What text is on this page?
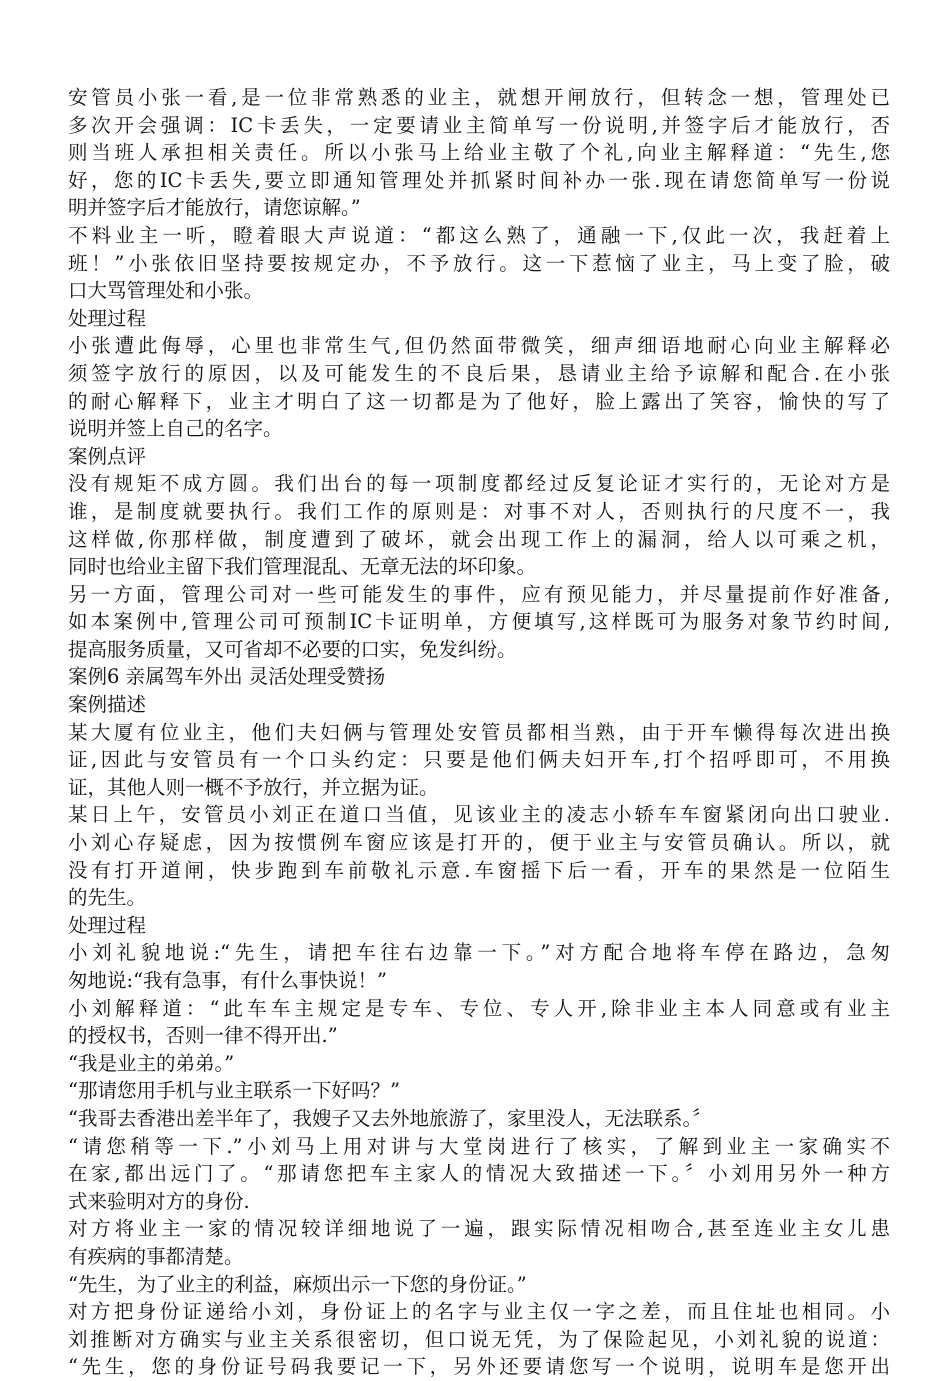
安管员小张一看,是一位非常熟悉的业主，就想开闸放行，但转念一想，管理处已
多次开会强调：IC卡丢失，一定要请业主简单写一份说明,并签字后才能放行，否
则当班人承担相关责任。所以小张马上给业主敬了个礼,向业主解释道：“先生,您
好，您的IC卡丢失,要立即通知管理处并抓紧时间补办一张.现在请您简单写一份说
明并签字后才能放行，请您谅解。”
不料业主一听，瞪着眼大声说道：“都这么熟了，通融一下,仅此一次，我赶着上
班！”小张依旧坚持要按规定办，不予放行。这一下惹恼了业主，马上变了脸，破
口大骂管理处和小张。
处理过程
小张遭此侮辱，心里也非常生气,但仍然面带微笑，细声细语地耐心向业主解释必
须签字放行的原因，以及可能发生的不良后果，恳请业主给予谅解和配合.在小张
的耐心解释下，业主才明白了这一切都是为了他好，脸上露出了笑容，愉快的写了
说明并签上自己的名字。
案例点评
没有规矩不成方圆。我们出台的每一项制度都经过反复论证才实行的，无论对方是
谁，是制度就要执行。我们工作的原则是：对事不对人，否则执行的尺度不一，我
这样做,你那样做，制度遭到了破坏，就会出现工作上的漏洞，给人以可乘之机，
同时也给业主留下我们管理混乱、无章无法的坏印象。
另一方面，管理公司对一些可能发生的事件，应有预见能力，并尽量提前作好准备,
如本案例中,管理公司可预制IC卡证明单，方便填写,这样既可为服务对象节约时间,
提高服务质量，又可省却不必要的口实，免发纠纷。
案例6 亲属驾车外出 灵活处理受赞扬
案例描述
某大厦有位业主，他们夫妇俩与管理处安管员都相当熟，由于开车懒得每次进出换
证,因此与安管员有一个口头约定：只要是他们俩夫妇开车,打个招呼即可，不用换
证，其他人则一概不予放行，并立据为证。
某日上午，安管员小刘正在道口当值，见该业主的凌志小轿车车窗紧闭向出口驶业.
小刘心存疑虑，因为按惯例车窗应该是打开的，便于业主与安管员确认。所以，就
没有打开道闸，快步跑到车前敬礼示意.车窗摇下后一看，开车的果然是一位陌生
的先生。
处理过程
小刘礼貌地说:“先生，请把车往右边靠一下。”对方配合地将车停在路边，急匆
匆地说:“我有急事，有什么事快说！”
小刘解释道：“此车车主规定是专车、专位、专人开,除非业主本人同意或有业主
的授权书，否则一律不得开出.”
“我是业主的弟弟。”
“那请您用手机与业主联系一下好吗？”
“我哥去香港出差半年了，我嫂子又去外地旅游了，家里没人，无法联系。〞
“请您稍等一下.”小刘马上用对讲与大堂岗进行了核实，了解到业主一家确实不
在家,都出远门了。“那请您把车主家人的情况大致描述一下。〞小刘用另外一种方
式来验明对方的身份.
对方将业主一家的情况较详细地说了一遍，跟实际情况相吻合,甚至连业主女儿患
有疾病的事都清楚。
“先生，为了业主的利益，麻烦出示一下您的身份证。”
对方把身份证递给小刘，身份证上的名字与业主仅一字之差，而且住址也相同。小
刘推断对方确实与业主关系很密切，但口说无凭，为了保险起见，小刘礼貌的说道：
“先生，您的身份证号码我要记一下，另外还要请您写一个说明，说明车是您开出
